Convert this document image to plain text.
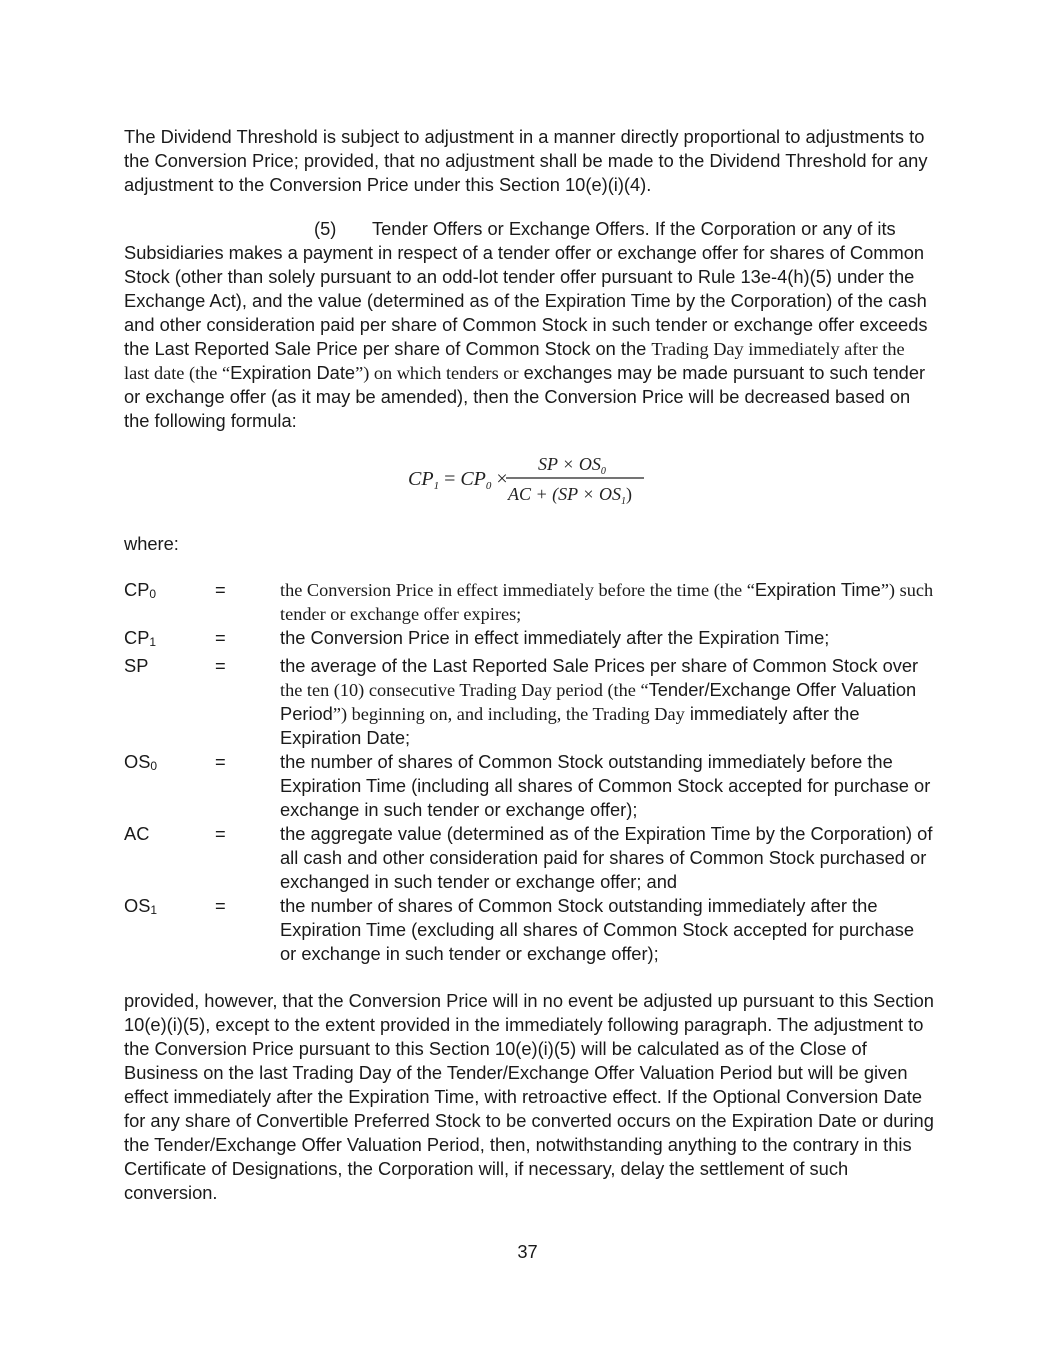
The Dividend Threshold is subject to adjustment in a manner directly proportional to adjustments to the Conversion Price; provided, that no adjustment shall be made to the Dividend Threshold for any adjustment to the Conversion Price under this Section 10(e)(i)(4).

(5) Tender Offers or Exchange Offers. If the Corporation or any of its Subsidiaries makes a payment in respect of a tender offer or exchange offer for shares of Common Stock (other than solely pursuant to an odd-lot tender offer pursuant to Rule 13e-4(h)(5) under the Exchange Act), and the value (determined as of the Expiration Time by the Corporation) of the cash and other consideration paid per share of Common Stock in such tender or exchange offer exceeds the Last Reported Sale Price per share of Common Stock on the Trading Day immediately after the last date (the “Expiration Date”) on which tenders or exchanges may be made pursuant to such tender or exchange offer (as it may be amended), then the Conversion Price will be decreased based on the following formula:

$CP_1 = CP_0$ ×
SP × $OS_0$
AC + $(SP \times OS_1)$

where:

$CP_0$	=	the Conversion Price in effect immediately before the time (the “Expiration Time”) such tender or exchange offer expires;
$CP_1$	=	the Conversion Price in effect immediately after the Expiration Time;
SP	=	the average of the Last Reported Sale Prices per share of Common Stock over the ten (10) consecutive Trading Day period (the “Tender/Exchange Offer Valuation Period”) beginning on, and including, the Trading Day immediately after the Expiration Date;
$OS_0$	=	the number of shares of Common Stock outstanding immediately before the Expiration Time (including all shares of Common Stock accepted for purchase or exchange in such tender or exchange offer);
AC	=	the aggregate value (determined as of the Expiration Time by the Corporation) of all cash and other consideration paid for shares of Common Stock purchased or exchanged in such tender or exchange offer; and
$OS_1$	=	the number of shares of Common Stock outstanding immediately after the Expiration Time (excluding all shares of Common Stock accepted for purchase or exchange in such tender or exchange offer);

provided, however, that the Conversion Price will in no event be adjusted up pursuant to this Section 10(e)(i)(5), except to the extent provided in the immediately following paragraph. The adjustment to the Conversion Price pursuant to this Section 10(e)(i)(5) will be calculated as of the Close of Business on the last Trading Day of the Tender/Exchange Offer Valuation Period but will be given effect immediately after the Expiration Time, with retroactive effect. If the Optional Conversion Date for any share of Convertible Preferred Stock to be converted occurs on the Expiration Date or during the Tender/Exchange Offer Valuation Period, then, notwithstanding anything to the contrary in this Certificate of Designations, the Corporation will, if necessary, delay the settlement of such conversion.

37
